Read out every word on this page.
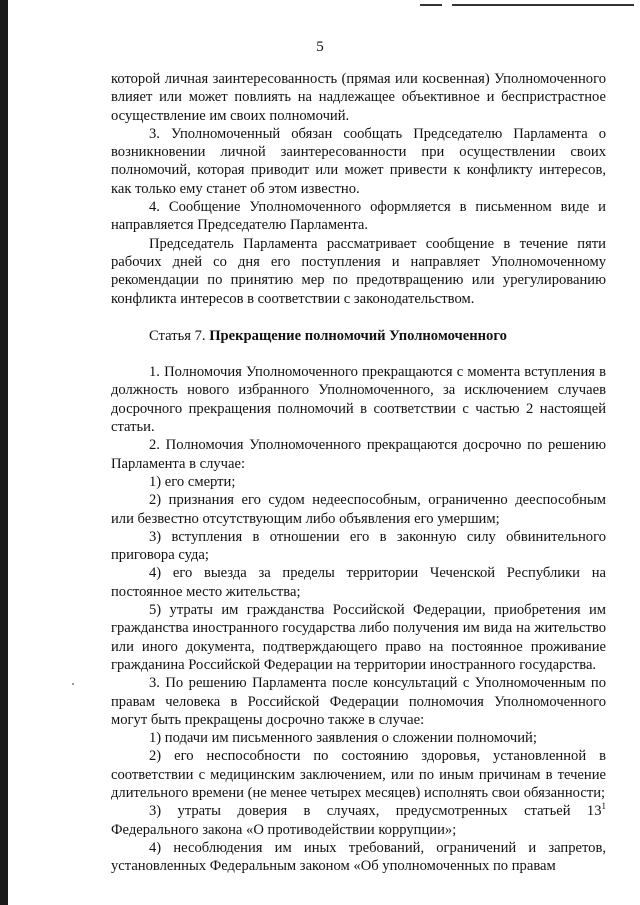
5

которой личная заинтересованность (прямая или косвенная) Уполномоченного влияет или может повлиять на надлежащее объективное и беспристрастное осуществление им своих полномочий.

3. Уполномоченный обязан сообщать Председателю Парламента о возникновении личной заинтересованности при осуществлении своих полномочий, которая приводит или может привести к конфликту интересов, как только ему станет об этом известно.

4. Сообщение Уполномоченного оформляется в письменном виде и направляется Председателю Парламента.

Председатель Парламента рассматривает сообщение в течение пяти рабочих дней со дня его поступления и направляет Уполномоченному рекомендации по принятию мер по предотвращению или урегулированию конфликта интересов в соответствии с законодательством.

Статья 7. Прекращение полномочий Уполномоченного

1. Полномочия Уполномоченного прекращаются с момента вступления в должность нового избранного Уполномоченного, за исключением случаев досрочного прекращения полномочий в соответствии с частью 2 настоящей статьи.

2. Полномочия Уполномоченного прекращаются досрочно по решению Парламента в случае:

1) его смерти;

2) признания его судом недееспособным, ограниченно дееспособным или безвестно отсутствующим либо объявления его умершим;

3) вступления в отношении его в законную силу обвинительного приговора суда;

4) его выезда за пределы территории Чеченской Республики на постоянное место жительства;

5) утраты им гражданства Российской Федерации, приобретения им гражданства иностранного государства либо получения им вида на жительство или иного документа, подтверждающего право на постоянное проживание гражданина Российской Федерации на территории иностранного государства.

3. По решению Парламента после консультаций с Уполномоченным по правам человека в Российской Федерации полномочия Уполномоченного могут быть прекращены досрочно также в случае:

1) подачи им письменного заявления о сложении полномочий;

2) его неспособности по состоянию здоровья, установленной в соответствии с медицинским заключением, или по иным причинам в течение длительного времени (не менее четырех месяцев) исполнять свои обязанности;

3) утраты доверия в случаях, предусмотренных статьей $13^1$ Федерального закона «О противодействии коррупции»;

4) несоблюдения им иных требований, ограничений и запретов, установленных Федеральным законом «Об уполномоченных по правам
